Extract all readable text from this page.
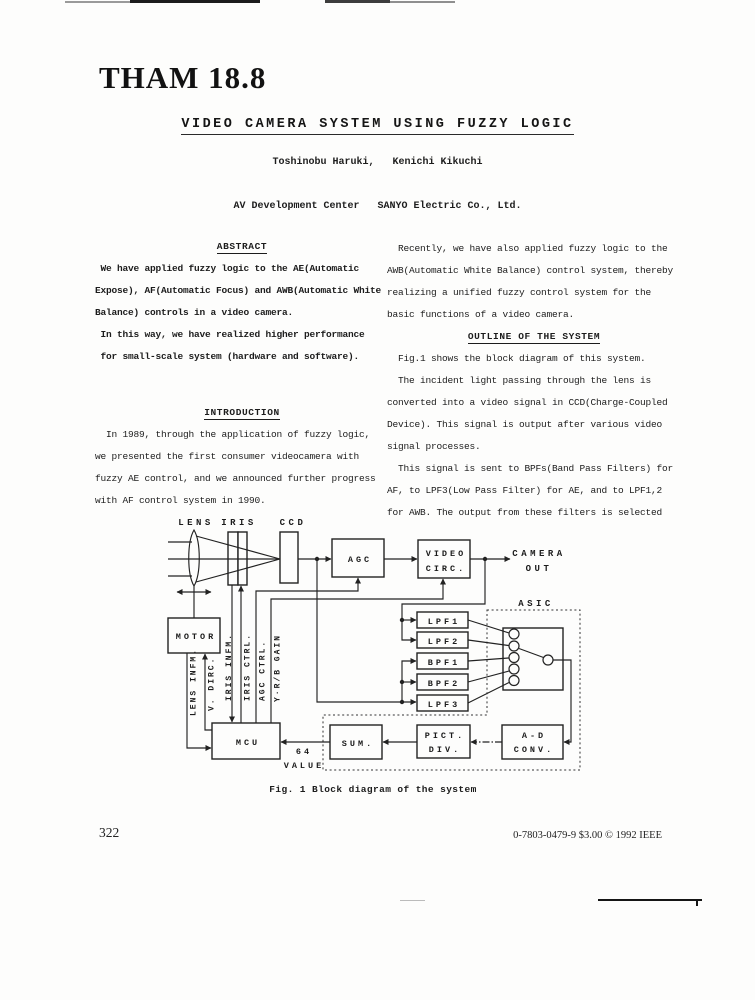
THAM 18.8
VIDEO CAMERA SYSTEM USING FUZZY LOGIC
Toshinobu Haruki,   Kenichi Kikuchi
AV Development Center   SANYO Electric Co., Ltd.
ABSTRACT
We have applied fuzzy logic to the AE(Automatic
Expose), AF(Automatic Focus) and AWB(Automatic White
Balance) controls in a video camera.
In this way, we have realized higher performance
for small-scale system (hardware and software).
INTRODUCTION
In 1989, through the application of fuzzy logic,
we presented the first consumer videocamera with
fuzzy AE control, and we announced further progress
with AF control system in 1990.
Recently, we have also applied fuzzy logic to the
AWB(Automatic White Balance) control system, thereby
realizing a unified fuzzy control system for the
basic functions of a video camera.
OUTLINE OF THE SYSTEM
Fig.1 shows the block diagram of this system.
The incident light passing through the lens is
converted into a video signal in CCD(Charge-Coupled
Device). This signal is output after various video
signal processes.
This signal is sent to BPFs(Band Pass Filters) for
AF, to LPF3(Low Pass Filter) for AE, and to LPF1,2
for AWB. The output from these filters is selected
LENS IRIS	CCD
CAMERA
OUT
ASIC
64
VALUE
AGC
VIDEO
CIRC.
MOTOR
LPF1
LPF2
BPF1
BPF2
LPF3
MCU	SUM.
PICT.
DIV.
A-D
CONV.
LENS INFM. V. DIRC. IRIS INFM. IRIS CTRL. AGC CTRL. Y·R/B GAIN
Fig. 1 Block diagram of the system
322	0-7803-0479-9 $3.00 © 1992 IEEE
